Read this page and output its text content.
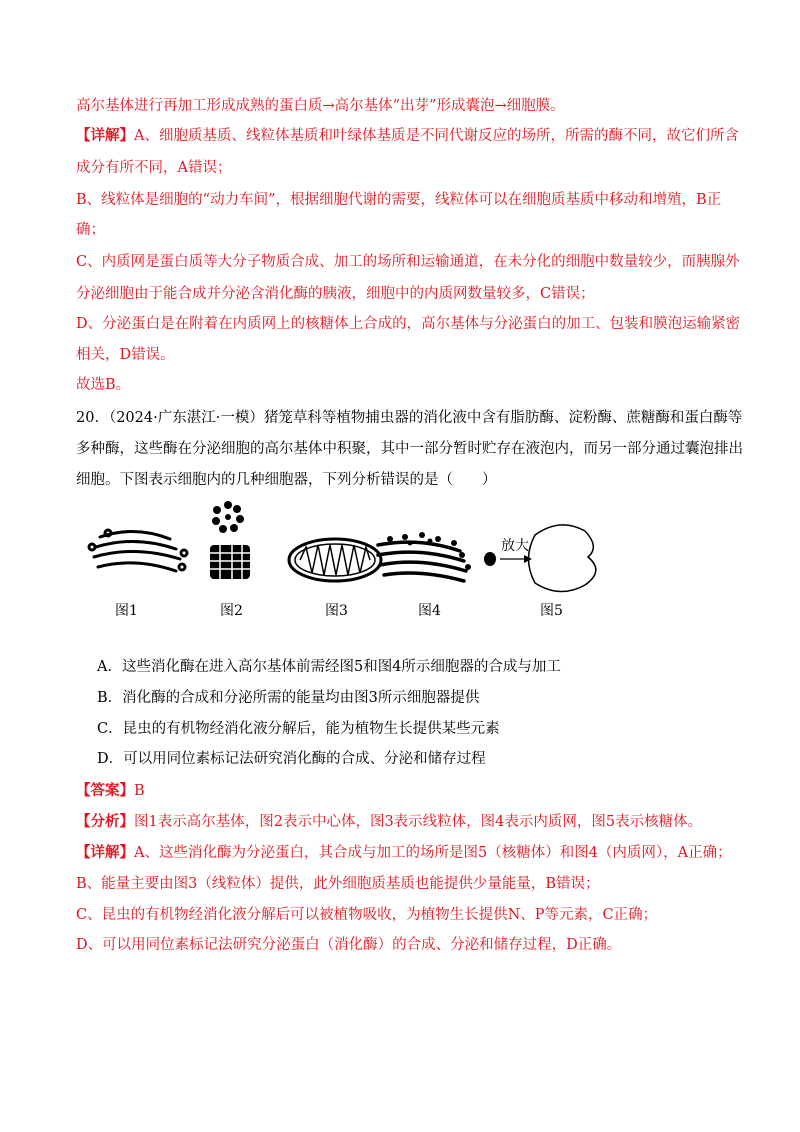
高尔基体进行再加工形成成熟的蛋白质→高尔基体“出芽”形成囊泡→细胞膜。
【详解】A、细胞质基质、线粒体基质和叶绿体基质是不同代谢反应的场所，所需的酶不同，故它们所含
成分有所不同，A错误；
B、线粒体是细胞的“动力车间”，根据细胞代谢的需要，线粒体可以在细胞质基质中移动和增殖，B正
确；
C、内质网是蛋白质等大分子物质合成、加工的场所和运输通道，在未分化的细胞中数量较少，而胰腺外
分泌细胞由于能合成并分泌含消化酶的胰液，细胞中的内质网数量较多，C错误；
D、分泌蛋白是在附着在内质网上的核糖体上合成的，高尔基体与分泌蛋白的加工、包装和膜泡运输紧密
相关，D错误。
故选B。
20．（2024·广东湛江·一模）猪笼草科等植物捕虫器的消化液中含有脂肪酶、淀粉酶、蔗糖酶和蛋白酶等
多种酶，这些酶在分泌细胞的高尔基体中积聚，其中一部分暂时贮存在液泡内，而另一部分通过囊泡排出
细胞。下图表示细胞内的几种细胞器，下列分析错误的是（　　）
放大
图1	图2	图3	图4	图5
A．这些消化酶在进入高尔基体前需经图5和图4所示细胞器的合成与加工
B．消化酶的合成和分泌所需的能量均由图3所示细胞器提供
C．昆虫的有机物经消化液分解后，能为植物生长提供某些元素
D．可以用同位素标记法研究消化酶的合成、分泌和储存过程
【答案】B
【分析】图1表示高尔基体，图2表示中心体，图3表示线粒体，图4表示内质网，图5表示核糖体。
【详解】A、这些消化酶为分泌蛋白，其合成与加工的场所是图5（核糖体）和图4（内质网），A正确；
B、能量主要由图3（线粒体）提供，此外细胞质基质也能提供少量能量，B错误；
C、昆虫的有机物经消化液分解后可以被植物吸收，为植物生长提供N、P等元素，C正确；
D、可以用同位素标记法研究分泌蛋白（消化酶）的合成、分泌和储存过程，D正确。
